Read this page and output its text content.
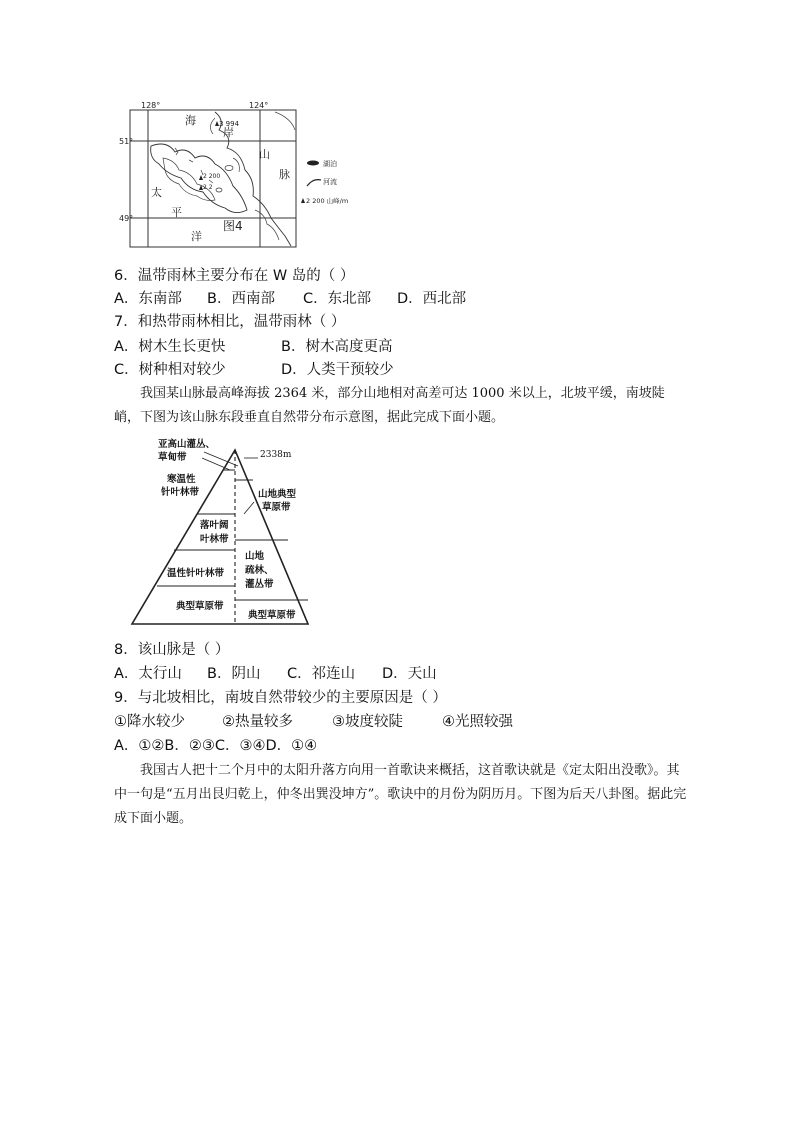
128°	124°
51°
49°
海
岸
山
脉
太
平
洋
图4
3 994
2 200
2 2
湖泊
河流
2 200 山峰/m
6．温带雨林主要分布在 W 岛的（ ）
A．东南部 B．西南部 C．东北部 D．西北部
7．和热带雨林相比，温带雨林（ ）
A．树木生长更快	B．树木高度更高
C．树种相对较少	D．人类干预较少
我国某山脉最高峰海拔 2364 米，部分山地相对高差可达 1000 米以上，北坡平缓，南坡陡峭，下图为该山脉东段垂直自然带分布示意图，据此完成下面小题。
2338m
亚高山灌丛、
草甸带
寒温性
针叶林带
落叶阔
叶林带
温性针叶林带
典型草原带
山地典型
草原带
山地
疏林、
灌丛带
典型草原带
8．该山脉是（ ）
A．太行山 B．阴山 C．祁连山 D．天山
9．与北坡相比，南坡自然带较少的主要原因是（ ）
①降水较少	②热量较多	③坡度较陡	④光照较强
A．①②B．②③C．③④D．①④
我国古人把十二个月中的太阳升落方向用一首歌诀来概括，这首歌诀就是《定太阳出没歌》。其中一句是“五月出艮归乾上，仲冬出巽没坤方”。歌诀中的月份为阴历月。下图为后天八卦图。据此完成下面小题。
